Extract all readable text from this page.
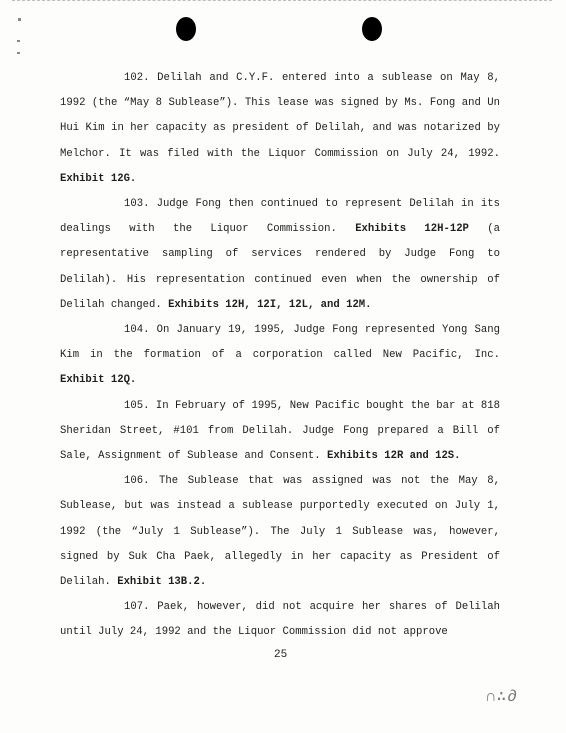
102. Delilah and C.Y.F. entered into a sublease on May 8, 1992 (the “May 8 Sublease”). This lease was signed by Ms. Fong and Un Hui Kim in her capacity as president of Delilah, and was notarized by Melchor. It was filed with the Liquor Commission on July 24, 1992. Exhibit 12G.

103. Judge Fong then continued to represent Delilah in its dealings with the Liquor Commission. Exhibits 12H-12P (a representative sampling of services rendered by Judge Fong to Delilah). His representation continued even when the ownership of Delilah changed. Exhibits 12H, 12I, 12L, and 12M.

104. On January 19, 1995, Judge Fong represented Yong Sang Kim in the formation of a corporation called New Pacific, Inc. Exhibit 12Q.

105. In February of 1995, New Pacific bought the bar at 818 Sheridan Street, #101 from Delilah. Judge Fong prepared a Bill of Sale, Assignment of Sublease and Consent. Exhibits 12R and 12S.

106. The Sublease that was assigned was not the May 8, Sublease, but was instead a sublease purportedly executed on July 1, 1992 (the “July 1 Sublease”). The July 1 Sublease was, however, signed by Suk Cha Paek, allegedly in her capacity as President of Delilah. Exhibit 13B.2.

107. Paek, however, did not acquire her shares of Delilah until July 24, 1992 and the Liquor Commission did not approve

25
∩∴∂
